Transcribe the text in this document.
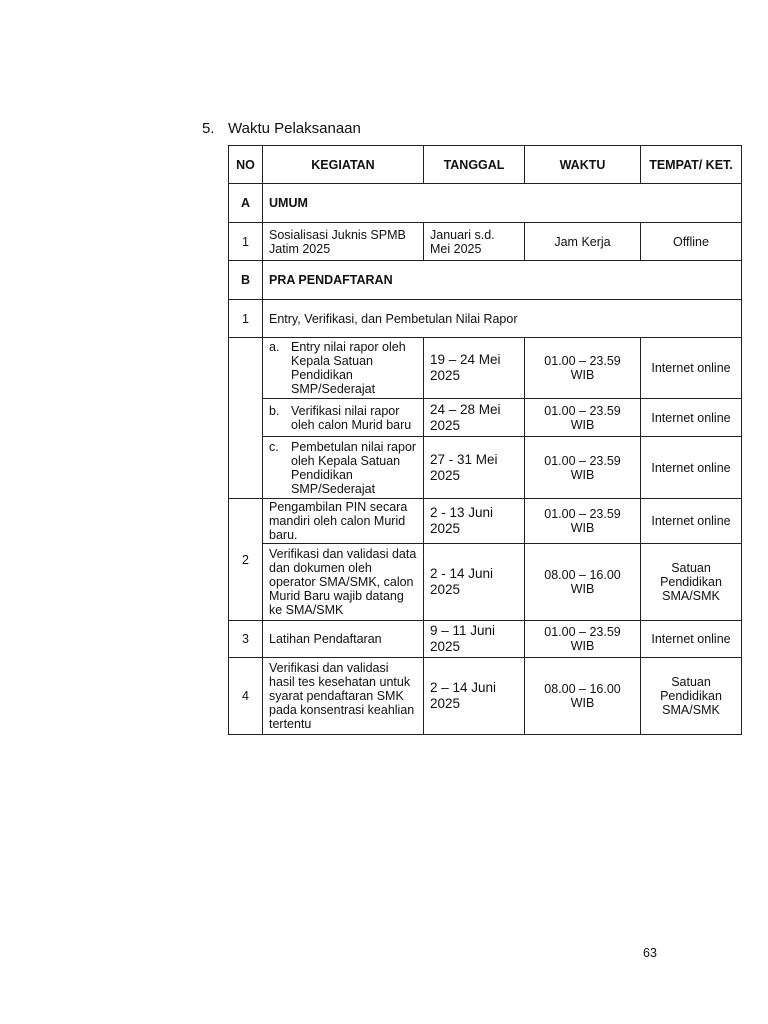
5. Waktu Pelaksanaan
NO	KEGIATAN	TANGGAL	WAKTU	TEMPAT/ KET.
A	UMUM			
1	Sosialisasi Juknis SPMB Jatim 2025	Januari s.d. Mei 2025	Jam Kerja	Offline
B	PRA PENDAFTARAN			
1	Entry, Verifikasi, dan Pembetulan Nilai Rapor			

	a. Entry nilai rapor oleh Kepala Satuan Pendidikan SMP/Sederajat	19 – 24 Mei 2025	01.00 – 23.59 WIB	Internet online

	b. Verifikasi nilai rapor oleh calon Murid baru	24 – 28 Mei 2025	01.00 – 23.59 WIB	Internet online

	c. Pembetulan nilai rapor oleh Kepala Satuan Pendidikan SMP/Sederajat	27 - 31 Mei 2025	01.00 – 23.59 WIB	Internet online
2	Pengambilan PIN secara mandiri oleh calon Murid baru.	2 - 13 Juni 2025	01.00 – 23.59 WIB	Internet online
	Verifikasi dan validasi data dan dokumen oleh operator SMA/SMK, calon Murid Baru wajib datang ke SMA/SMK	2 - 14 Juni 2025	08.00 – 16.00 WIB	Satuan Pendidikan SMA/SMK
3	Latihan Pendaftaran	9 – 11 Juni 2025	01.00 – 23.59 WIB	Internet online
4	Verifikasi dan validasi hasil tes kesehatan untuk syarat pendaftaran SMK pada konsentrasi keahlian tertentu	2 – 14 Juni 2025	08.00 – 16.00 WIB	Satuan Pendidikan SMA/SMK
63
